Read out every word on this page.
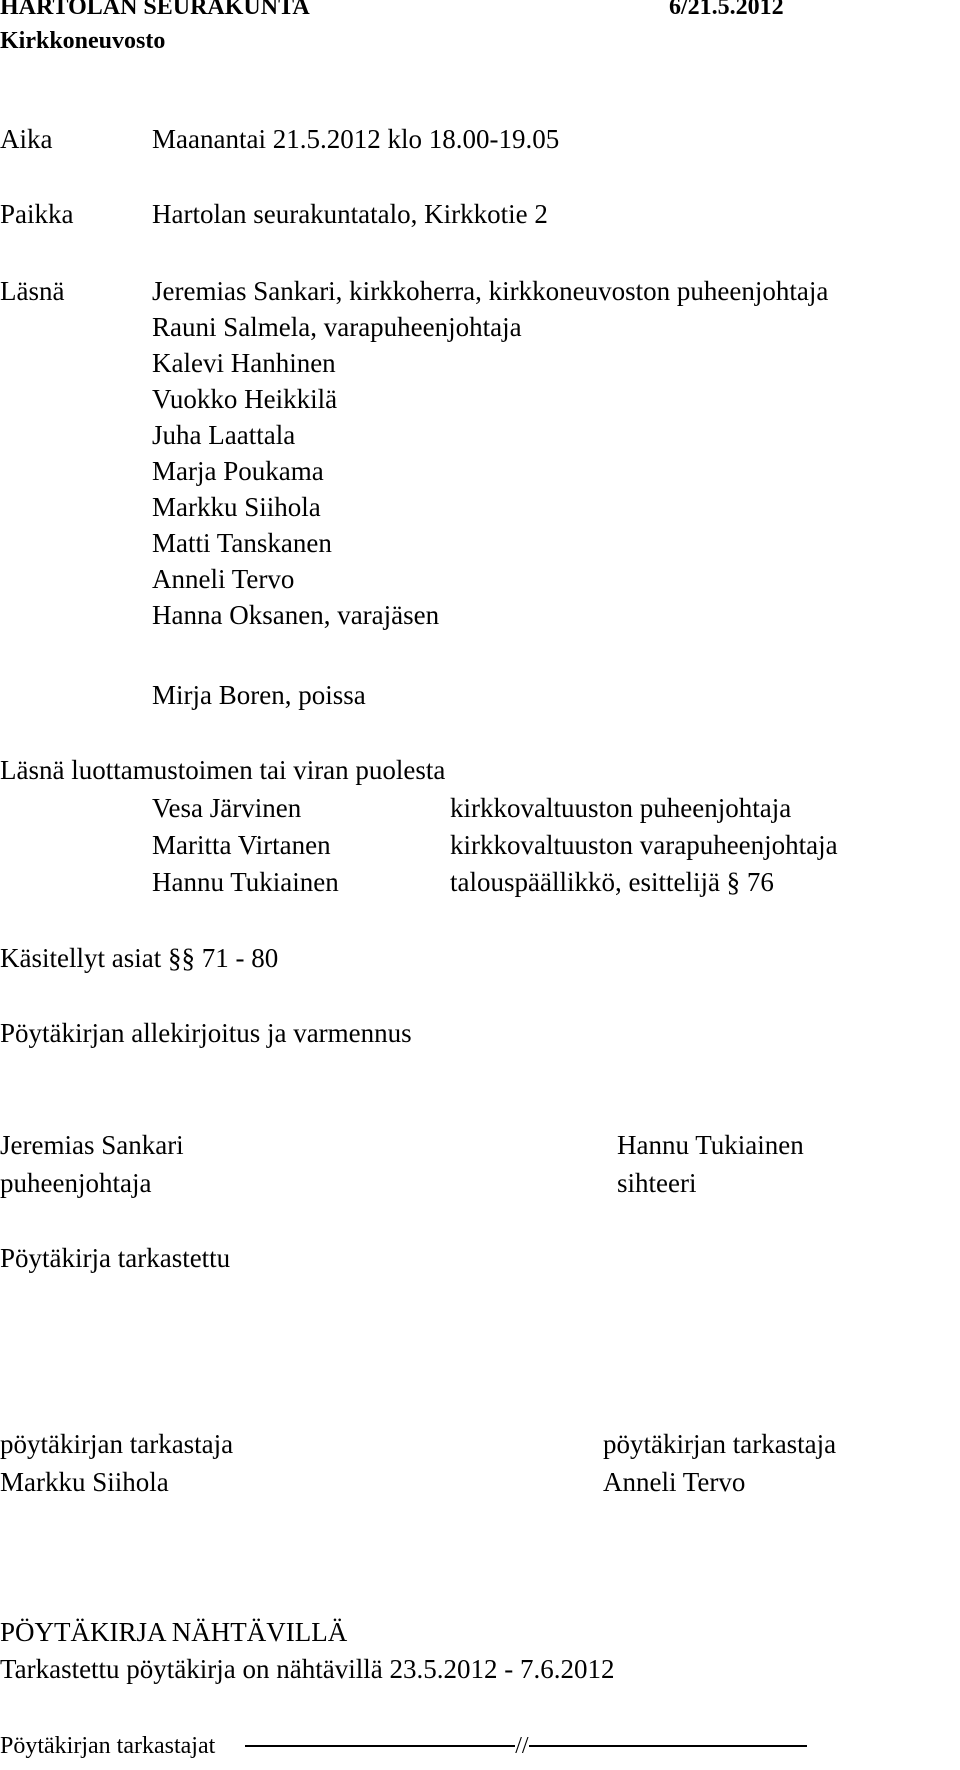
HARTOLAN SEURAKUNTA	6/21.5.2012
Kirkkoneuvosto
Aika	Maanantai 21.5.2012 klo 18.00-19.05
Paikka	Hartolan seurakuntatalo, Kirkkotie 2
Läsnä	Jeremias Sankari, kirkkoherra, kirkkoneuvoston puheenjohtaja
Rauni Salmela, varapuheenjohtaja
Kalevi Hanhinen
Vuokko Heikkilä
Juha Laattala
Marja Poukama
Markku Siihola
Matti Tanskanen
Anneli Tervo
Hanna Oksanen, varajäsen
Mirja Boren, poissa
Läsnä luottamustoimen tai viran puolesta
Vesa Järvinen	kirkkovaltuuston puheenjohtaja
Maritta Virtanen	kirkkovaltuuston varapuheenjohtaja
Hannu Tukiainen	talouspäällikkö, esittelijä § 76
Käsitellyt asiat §§ 71 - 80
Pöytäkirjan allekirjoitus ja varmennus
Jeremias Sankari
puheenjohtaja
Hannu Tukiainen
sihteeri
Pöytäkirja tarkastettu
pöytäkirjan tarkastaja
Markku Siihola
pöytäkirjan tarkastaja
Anneli Tervo
PÖYTÄKIRJA NÄHTÄVILLÄ
Tarkastettu pöytäkirja on nähtävillä 23.5.2012 - 7.6.2012
Pöytäkirjan tarkastajat	//
